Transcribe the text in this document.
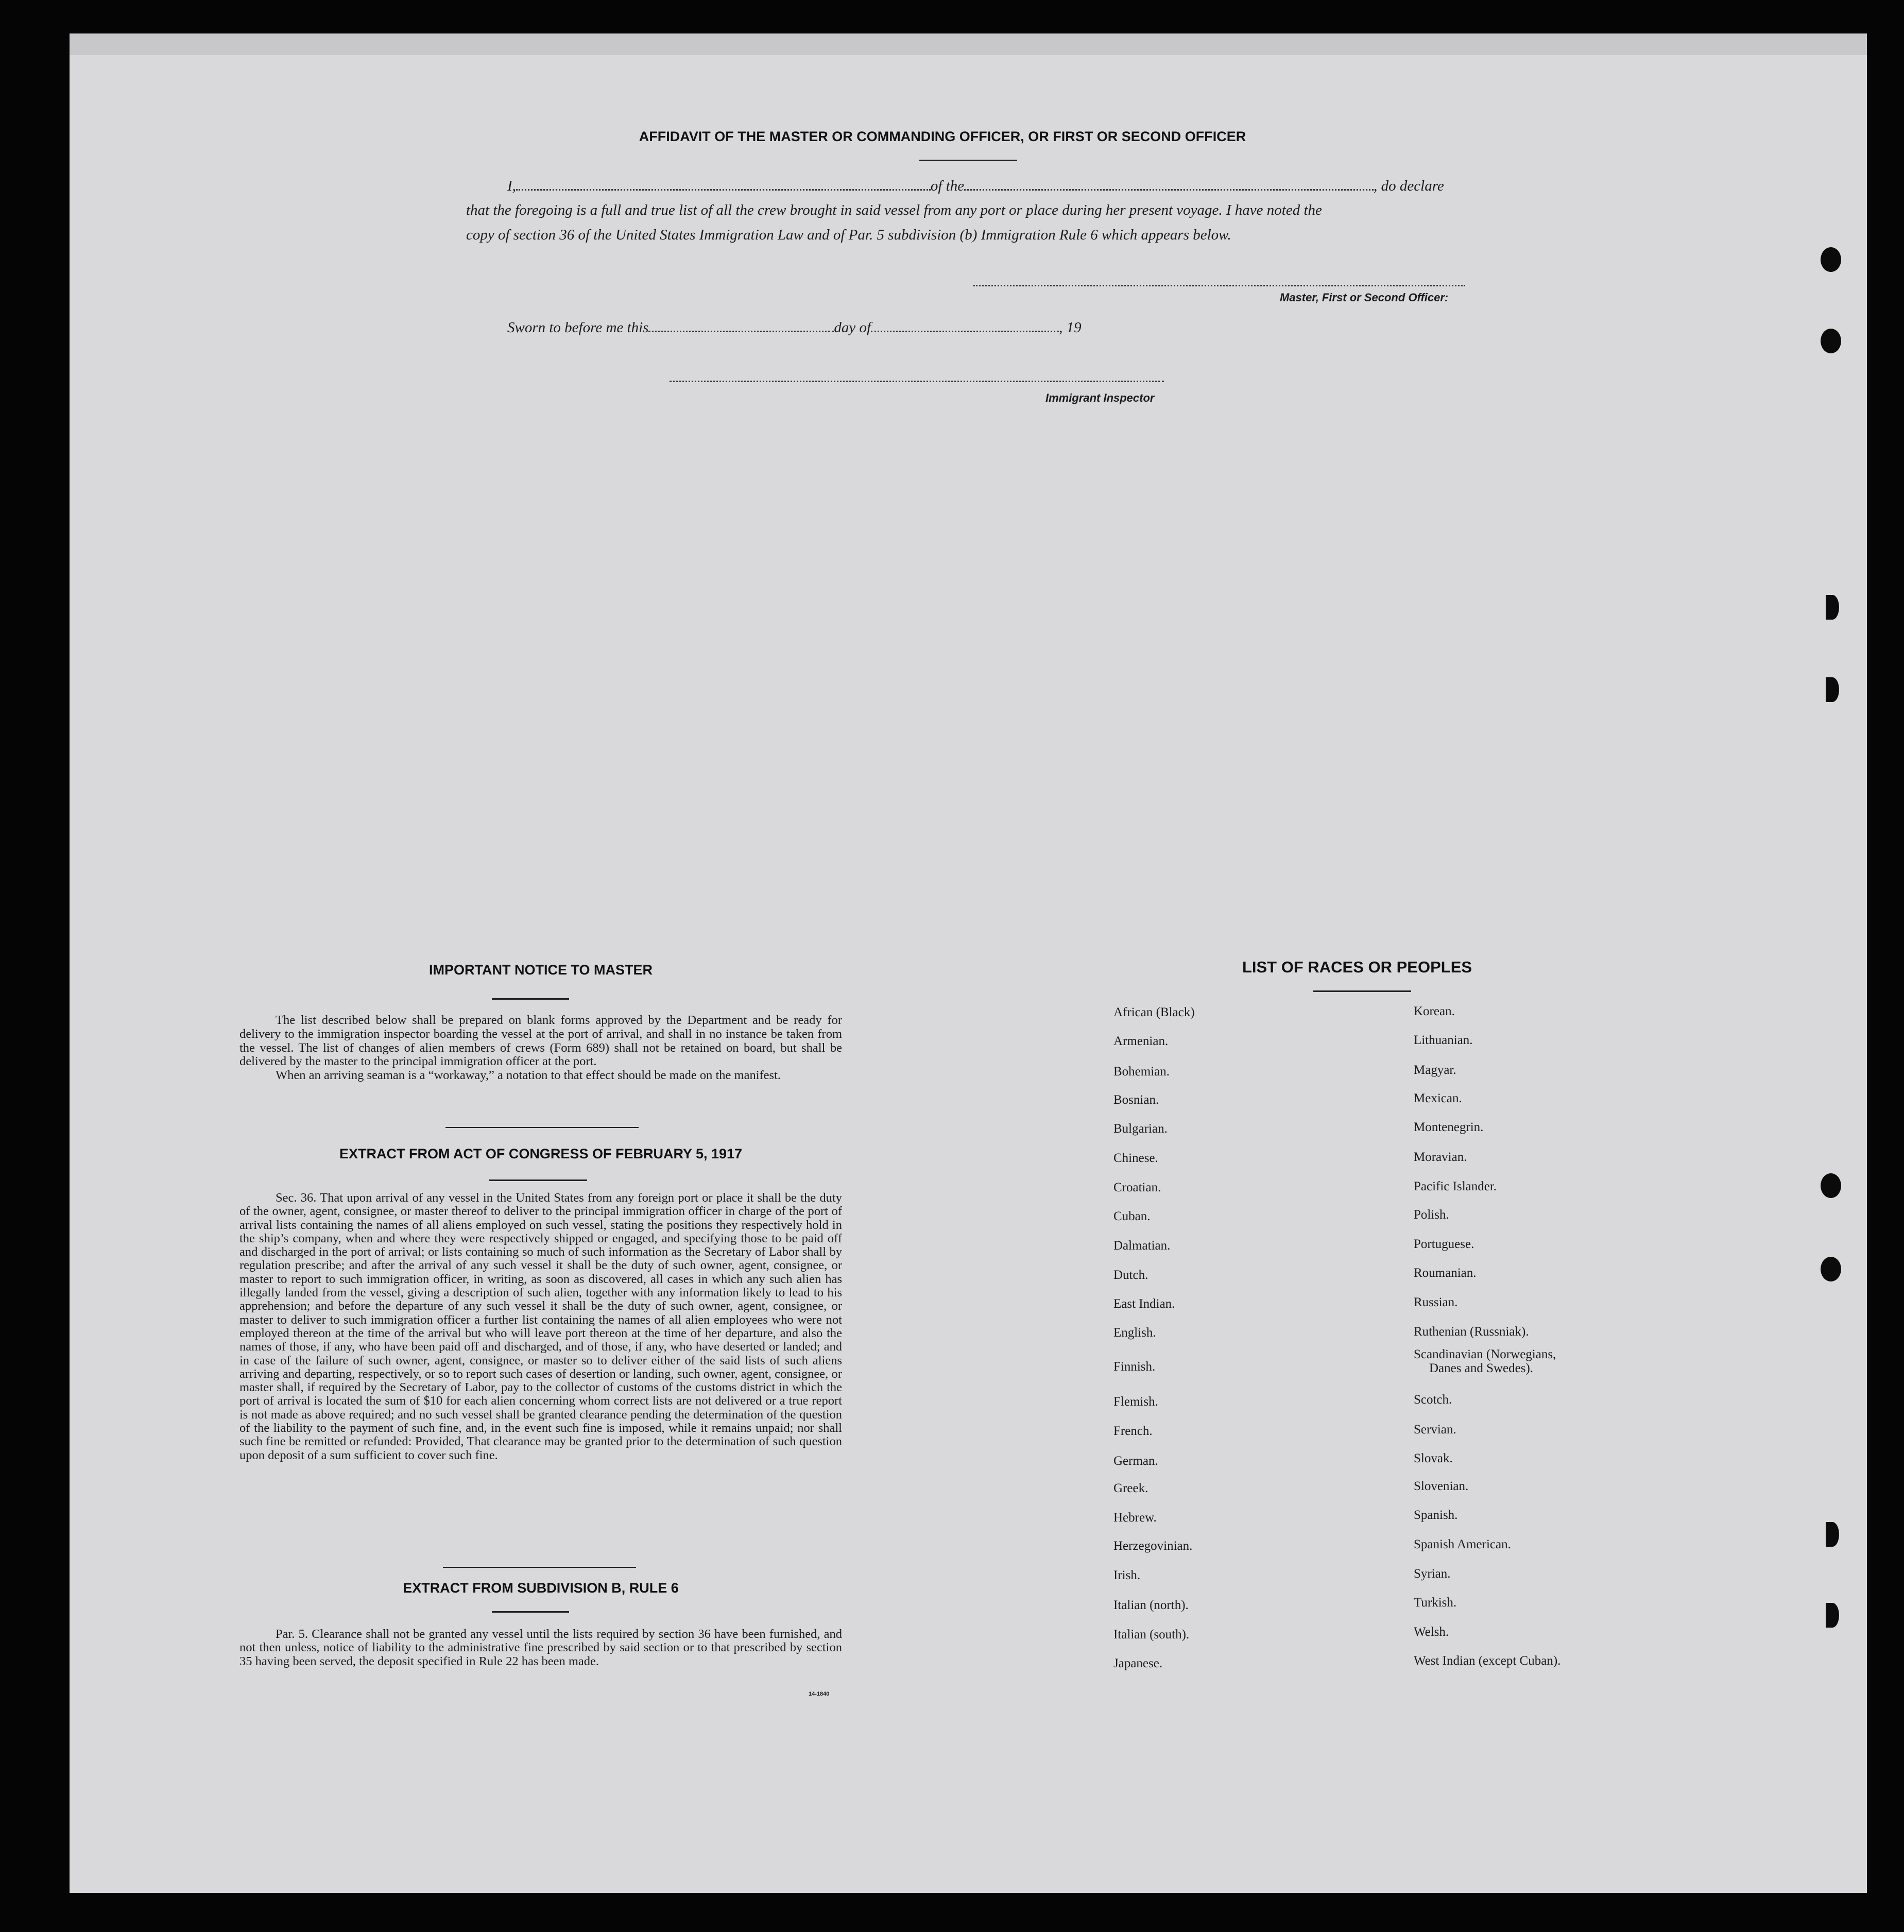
AFFIDAVIT OF THE MASTER OR COMMANDING OFFICER, OR FIRST OR SECOND OFFICER
I,	of the	, do declare
that the foregoing is a full and true list of all the crew brought in said vessel from any port or place during her present voyage. I have noted the
copy of section 36 of the United States Immigration Law and of Par. 5 subdivision (b) Immigration Rule 6 which appears below.
Master, First or Second Officer:
Sworn to before me this	day of	, 19
Immigrant Inspector
IMPORTANT NOTICE TO MASTER

The list described below shall be prepared on blank forms approved by the Department and be ready for delivery to the immigration inspector boarding the vessel at the port of arrival, and shall in no instance be taken from the vessel. The list of changes of alien members of crews (Form 689) shall not be retained on board, but shall be delivered by the master to the principal immigration officer at the port.

When an arriving seaman is a “workaway,” a notation to that effect should be made on the manifest.

EXTRACT FROM ACT OF CONGRESS OF FEBRUARY 5, 1917
Sec. 36. That upon arrival of any vessel in the United States from any foreign port or place it shall be the duty of the owner, agent, consignee, or master thereof to deliver to the principal immigration officer in charge of the port of arrival lists containing the names of all aliens employed on such vessel, stating the positions they respectively hold in the ship’s company, when and where they were respectively shipped or engaged, and specifying those to be paid off and discharged in the port of arrival; or lists containing so much of such information as the Secretary of Labor shall by regulation prescribe; and after the arrival of any such vessel it shall be the duty of such owner, agent, consignee, or master to report to such immigration officer, in writing, as soon as discovered, all cases in which any such alien has illegally landed from the vessel, giving a description of such alien, together with any information likely to lead to his apprehension; and before the departure of any such vessel it shall be the duty of such owner, agent, consignee, or master to deliver to such immigration officer a further list containing the names of all alien employees who were not employed thereon at the time of the arrival but who will leave port thereon at the time of her departure, and also the names of those, if any, who have been paid off and discharged, and of those, if any, who have deserted or landed; and in case of the failure of such owner, agent, consignee, or master so to deliver either of the said lists of such aliens arriving and departing, respectively, or so to report such cases of desertion or landing, such owner, agent, consignee, or master shall, if required by the Secretary of Labor, pay to the collector of customs of the customs district in which the port of arrival is located the sum of $10 for each alien concerning whom correct lists are not delivered or a true report is not made as above required; and no such vessel shall be granted clearance pending the determination of the question of the liability to the payment of such fine, and, in the event such fine is imposed, while it remains unpaid; nor shall such fine be remitted or refunded: Provided, That clearance may be granted prior to the determination of such question upon deposit of a sum sufficient to cover such fine.
EXTRACT FROM SUBDIVISION B, RULE 6
Par. 5. Clearance shall not be granted any vessel until the lists required by section 36 have been furnished, and not then unless, notice of liability to the administrative fine prescribed by said section or to that prescribed by section 35 having been served, the deposit specified in Rule 22 has been made.
14-1840
LIST OF RACES OR PEOPLES
African (Black)
Armenian.
Bohemian.
Bosnian.
Bulgarian.
Chinese.
Croatian.
Cuban.
Dalmatian.
Dutch.
East Indian.
English.
Finnish.
Flemish.
French.
German.
Greek.
Hebrew.
Herzegovinian.
Irish.
Italian (north).
Italian (south).
Japanese.
Korean.
Lithuanian.
Magyar.
Mexican.
Montenegrin.
Moravian.
Pacific Islander.
Polish.
Portuguese.
Roumanian.
Russian.
Ruthenian (Russniak).
Scandinavian (Norwegians,
Danes and Swedes).
Scotch.
Servian.
Slovak.
Slovenian.
Spanish.
Spanish American.
Syrian.
Turkish.
Welsh.
West Indian (except Cuban).
